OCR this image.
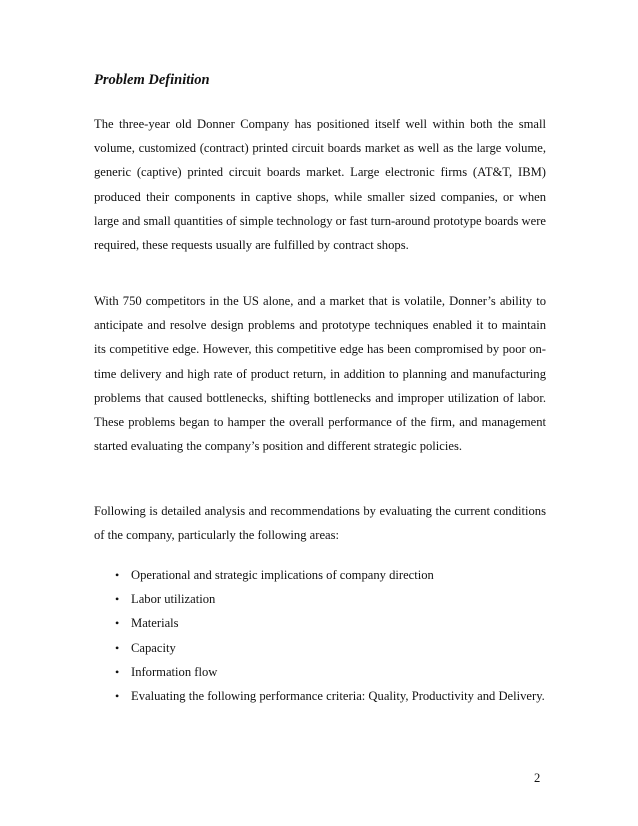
Problem Definition

The three-year old Donner Company has positioned itself well within both the small volume, customized (contract) printed circuit boards market as well as the large volume, generic (captive) printed circuit boards market. Large electronic firms (AT&T, IBM) produced their components in captive shops, while smaller sized companies, or when large and small quantities of simple technology or fast turn-around prototype boards were required, these requests usually are fulfilled by contract shops.

With 750 competitors in the US alone, and a market that is volatile, Donner’s ability to anticipate and resolve design problems and prototype techniques enabled it to maintain its competitive edge. However, this competitive edge has been compromised by poor on-time delivery and high rate of product return, in addition to planning and manufacturing problems that caused bottlenecks, shifting bottlenecks and improper utilization of labor. These problems began to hamper the overall performance of the firm, and management started evaluating the company’s position and different strategic policies.

Following is detailed analysis and recommendations by evaluating the current conditions of the company, particularly the following areas:

• Operational and strategic implications of company direction
• Labor utilization
• Materials
• Capacity
• Information flow
• Evaluating the following performance criteria: Quality, Productivity and Delivery.
2
